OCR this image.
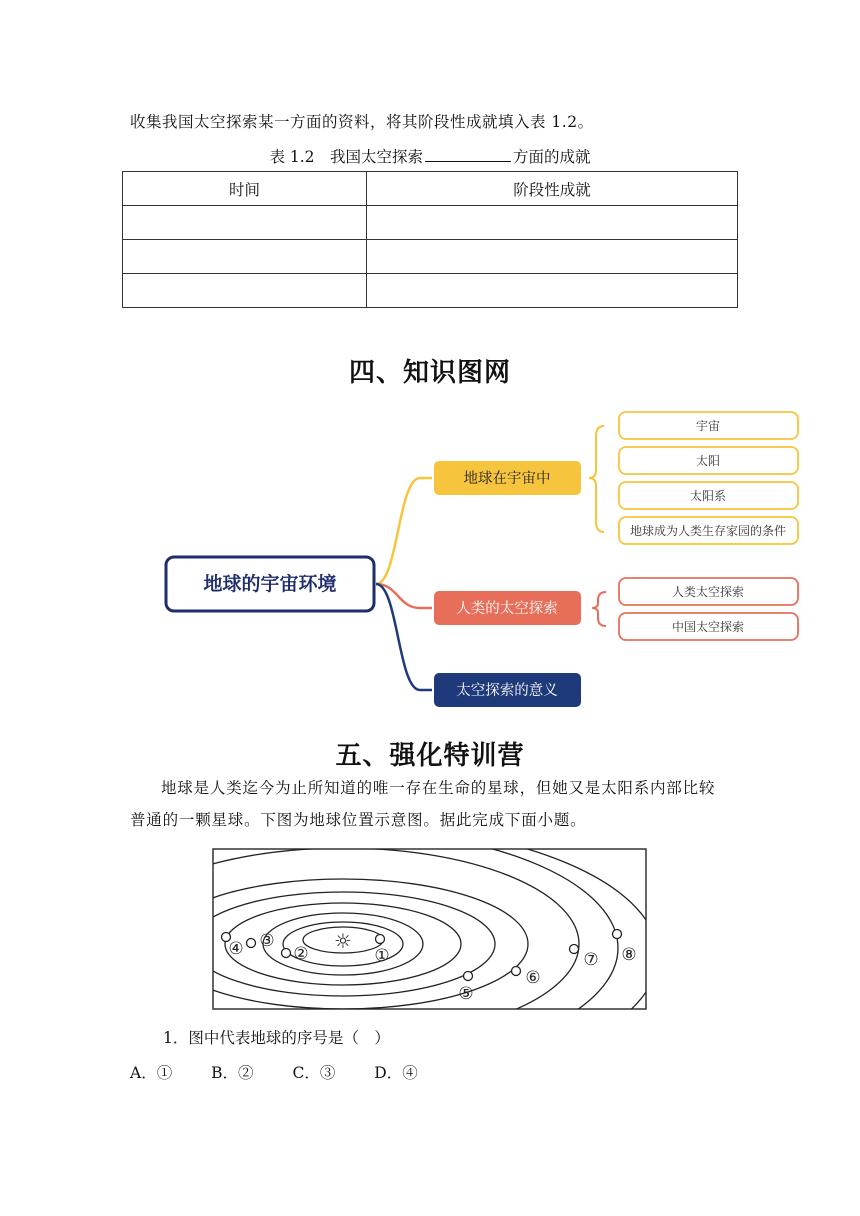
收集我国太空探索某一方面的资料，将其阶段性成就填入表 1.2。
表 1.2　我国太空探索	方面的成就
时间	阶段性成就

四、知识图网
地球的宇宙环境
地球在宇宙中
人类的太空探索
太空探索的意义
宇宙
太阳
太阳系
地球成为人类生存家园的条件
人类太空探索
中国太空探索
五、强化特训营
地球是人类迄今为止所知道的唯一存在生命的星球，但她又是太阳系内部比较普通的一颗星球。下图为地球位置示意图。据此完成下面小题。
☼
①
②
③
④
⑤
⑥
⑦ ⑧
1．图中代表地球的序号是（　）
A．①	B．②	C．③	D．④
